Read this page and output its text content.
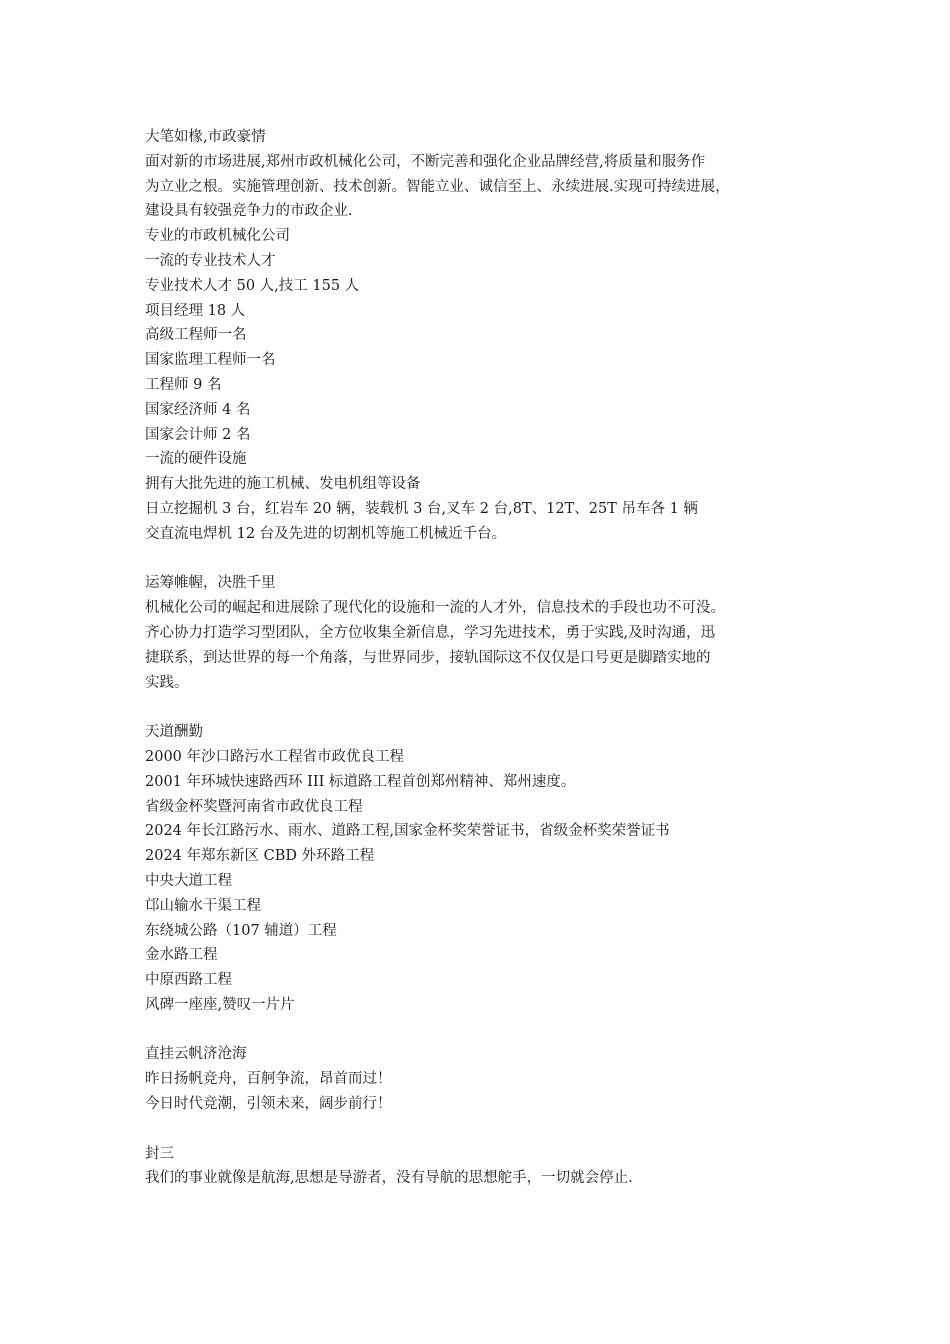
大笔如椽,市政豪情
面对新的市场进展,郑州市政机械化公司，不断完善和强化企业品牌经营,将质量和服务作
为立业之根。实施管理创新、技术创新。智能立业、诚信至上、永续进展.实现可持续进展，
建设具有较强竞争力的市政企业.
专业的市政机械化公司
一流的专业技术人才
专业技术人才 50 人,技工 155 人
项目经理 18 人
高级工程师一名
国家监理工程师一名
工程师 9 名
国家经济师 4 名
国家会计师 2 名
一流的硬件设施
拥有大批先进的施工机械、发电机组等设备
日立挖掘机 3 台，红岩车 20 辆，装载机 3 台,叉车 2 台,8T、12T、25T 吊车各 1 辆
交直流电焊机 12 台及先进的切割机等施工机械近千台。
运筹帷幄，决胜千里
机械化公司的崛起和进展除了现代化的设施和一流的人才外，信息技术的手段也功不可没。
齐心协力打造学习型团队，全方位收集全新信息，学习先进技术，勇于实践,及时沟通，迅
捷联系，到达世界的每一个角落，与世界同步，接轨国际这不仅仅是口号更是脚踏实地的
实践。
天道酬勤
2000 年沙口路污水工程省市政优良工程
2001 年环城快速路西环 III 标道路工程首创郑州精神、郑州速度。
省级金杯奖暨河南省市政优良工程
2024 年长江路污水、雨水、道路工程,国家金杯奖荣誉证书，省级金杯奖荣誉证书
2024 年郑东新区 CBD 外环路工程
中央大道工程
邙山输水干渠工程
东绕城公路（107 辅道）工程
金水路工程
中原西路工程
风碑一座座,赞叹一片片
直挂云帆济沧海
昨日扬帆竞舟，百舸争流，昂首而过！
今日时代竞潮，引领未来，阔步前行！
封三
我们的事业就像是航海,思想是导游者，没有导航的思想舵手，一切就会停止.
